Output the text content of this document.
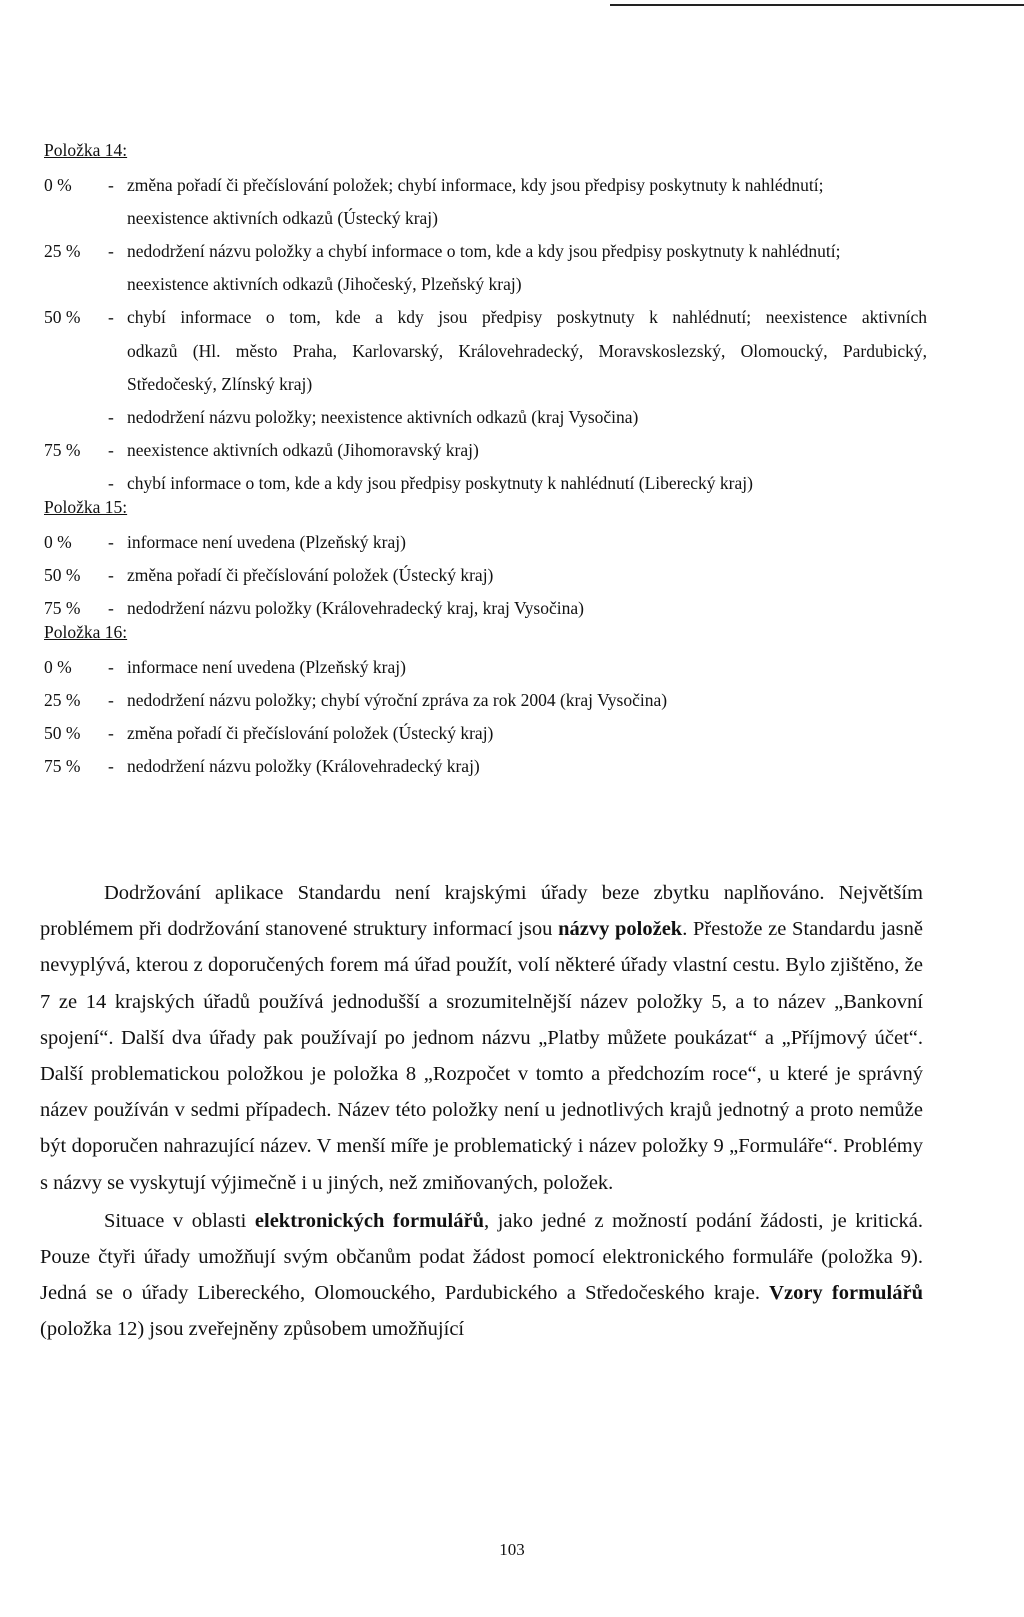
Položka 14:
0 % - změna pořadí či přečíslování položek; chybí informace, kdy jsou předpisy poskytnuty k nahlédnutí;
neexistence aktivních odkazů (Ústecký kraj)
25 % - nedodržení názvu položky a chybí informace o tom, kde a kdy jsou předpisy poskytnuty k nahlédnutí;
neexistence aktivních odkazů (Jihočeský, Plzeňský kraj)
50 % - chybí informace o tom, kde a kdy jsou předpisy poskytnuty k nahlédnutí; neexistence aktivních
odkazů (Hl. město Praha, Karlovarský, Královehradecký, Moravskoslezský, Olomoucký, Pardubický,
Středočeský, Zlínský kraj)
- nedodržení názvu položky; neexistence aktivních odkazů (kraj Vysočina)
75 % - neexistence aktivních odkazů (Jihomoravský kraj)
- chybí informace o tom, kde a kdy jsou předpisy poskytnuty k nahlédnutí (Liberecký kraj)
Položka 15:
0 % - informace není uvedena (Plzeňský kraj)
50 % - změna pořadí či přečíslování položek (Ústecký kraj)
75 % - nedodržení názvu položky (Královehradecký kraj, kraj Vysočina)
Položka 16:
0 % - informace není uvedena (Plzeňský kraj)
25 % - nedodržení názvu položky; chybí výroční zpráva za rok 2004 (kraj Vysočina)
50 % - změna pořadí či přečíslování položek (Ústecký kraj)
75 % - nedodržení názvu položky (Královehradecký kraj)

Dodržování aplikace Standardu není krajskými úřady beze zbytku naplňováno. Největším problémem při dodržování stanovené struktury informací jsou názvy položek. Přestože ze Standardu jasně nevyplývá, kterou z doporučených forem má úřad použít, volí některé úřady vlastní cestu. Bylo zjištěno, že 7 ze 14 krajských úřadů používá jednodušší a srozumitelnější název položky 5, a to název „Bankovní spojení“. Další dva úřady pak používají po jednom názvu „Platby můžete poukázat“ a „Příjmový účet“. Další problematickou položkou je položka 8 „Rozpočet v tomto a předchozím roce“, u které je správný název používán v sedmi případech. Název této položky není u jednotlivých krajů jednotný a proto nemůže být doporučen nahrazující název. V menší míře je problematický i název položky 9 „Formuláře“. Problémy s názvy se vyskytují výjimečně i u jiných, než zmiňovaných, položek.

Situace v oblasti elektronických formulářů, jako jedné z možností podání žádosti, je kritická. Pouze čtyři úřady umožňují svým občanům podat žádost pomocí elektronického formuláře (položka 9). Jedná se o úřady Libereckého, Olomouckého, Pardubického a Středočeského kraje. Vzory formulářů (položka 12) jsou zveřejněny způsobem umožňující

103
